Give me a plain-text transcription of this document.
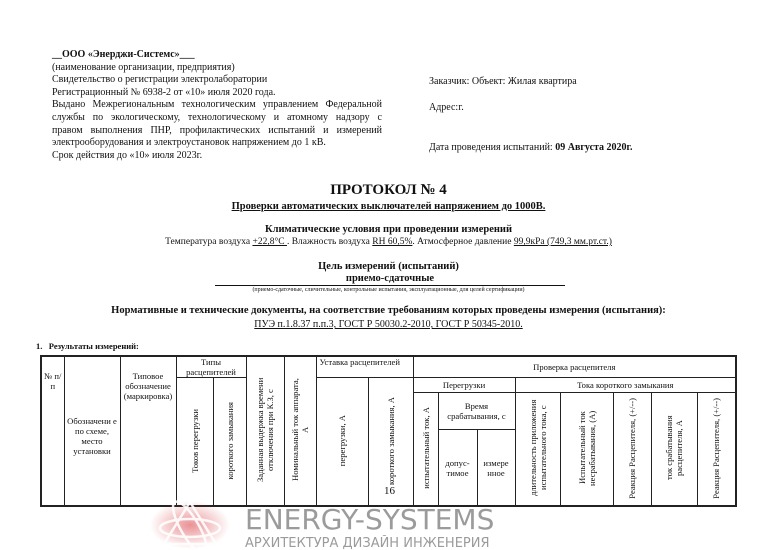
__ООО «Энерджи-Системс»___
(наименование организации, предприятия)
Свидетельство о регистрации электролаборатории
Регистрационный № 6938-2 от «10» июля 2020 года.
Выдано Межрегиональным технологическим управлением Федеральной
службы по экологическому, технологическому и атомному надзору с
правом выполнения ПНР, профилактических испытаний и измерений
электрооборудования и электроустановок напряжением до 1 кВ.
Срок действия до «10» июля 2023г.
Заказчик: Объект: Жилая квартира
Адрес:г.
Дата проведения испытаний: 09 Августа 2020г.
ПРОТОКОЛ № 4
Проверки автоматических выключателей напряжением до 1000В.
Климатические условия при проведении измерений
Температура воздуха +22,8°С . Влажность воздуха RH 60,5%. Атмосферное давление 99,9кPа (749,3 мм.рт.ст.)
Цель измерений (испытаний)
приемо-сдаточные
(приемо-сдаточные, сличительные, контрольные испытания, эксплуатационные, для целей сертификации)
Нормативные и технические документы, на соответствие требованиям которых проведены измерения (испытания):
ПУЭ п.1.8.37 п.п.3, ГОСТ Р 50030.2-2010, ГОСТ Р 50345-2010.
1.   Результаты измерений:
№ п/п	Обозначени е по схеме, место установки	Типовое обозначение (маркировка)	Типы расцепителей		Заданная выдержка времени отключения при К.З, с	Номинальный ток аппарата, А	Уставка расцепителей		Проверка расцепителя							
			Токов перегрузки	короткого замыкания			перегрузки, А	короткого замыкания, А	Перегрузки			Тока короткого замыкания				
									испытательный ток, А	Время срабатывания, с		длительность приложения испытательного тока, с	Испытательный ток несрабатывания, (А)	Реакция Расцепителя, (+/--)	ток срабатывания расцепителя, А	Реакция Расцепителя, (+/--)
										допус- тимое	измере нное					
16
ENERGY-SYSTEMS
АРХИТЕКТУРА ДИЗАЙН ИНЖЕНЕРИЯ
